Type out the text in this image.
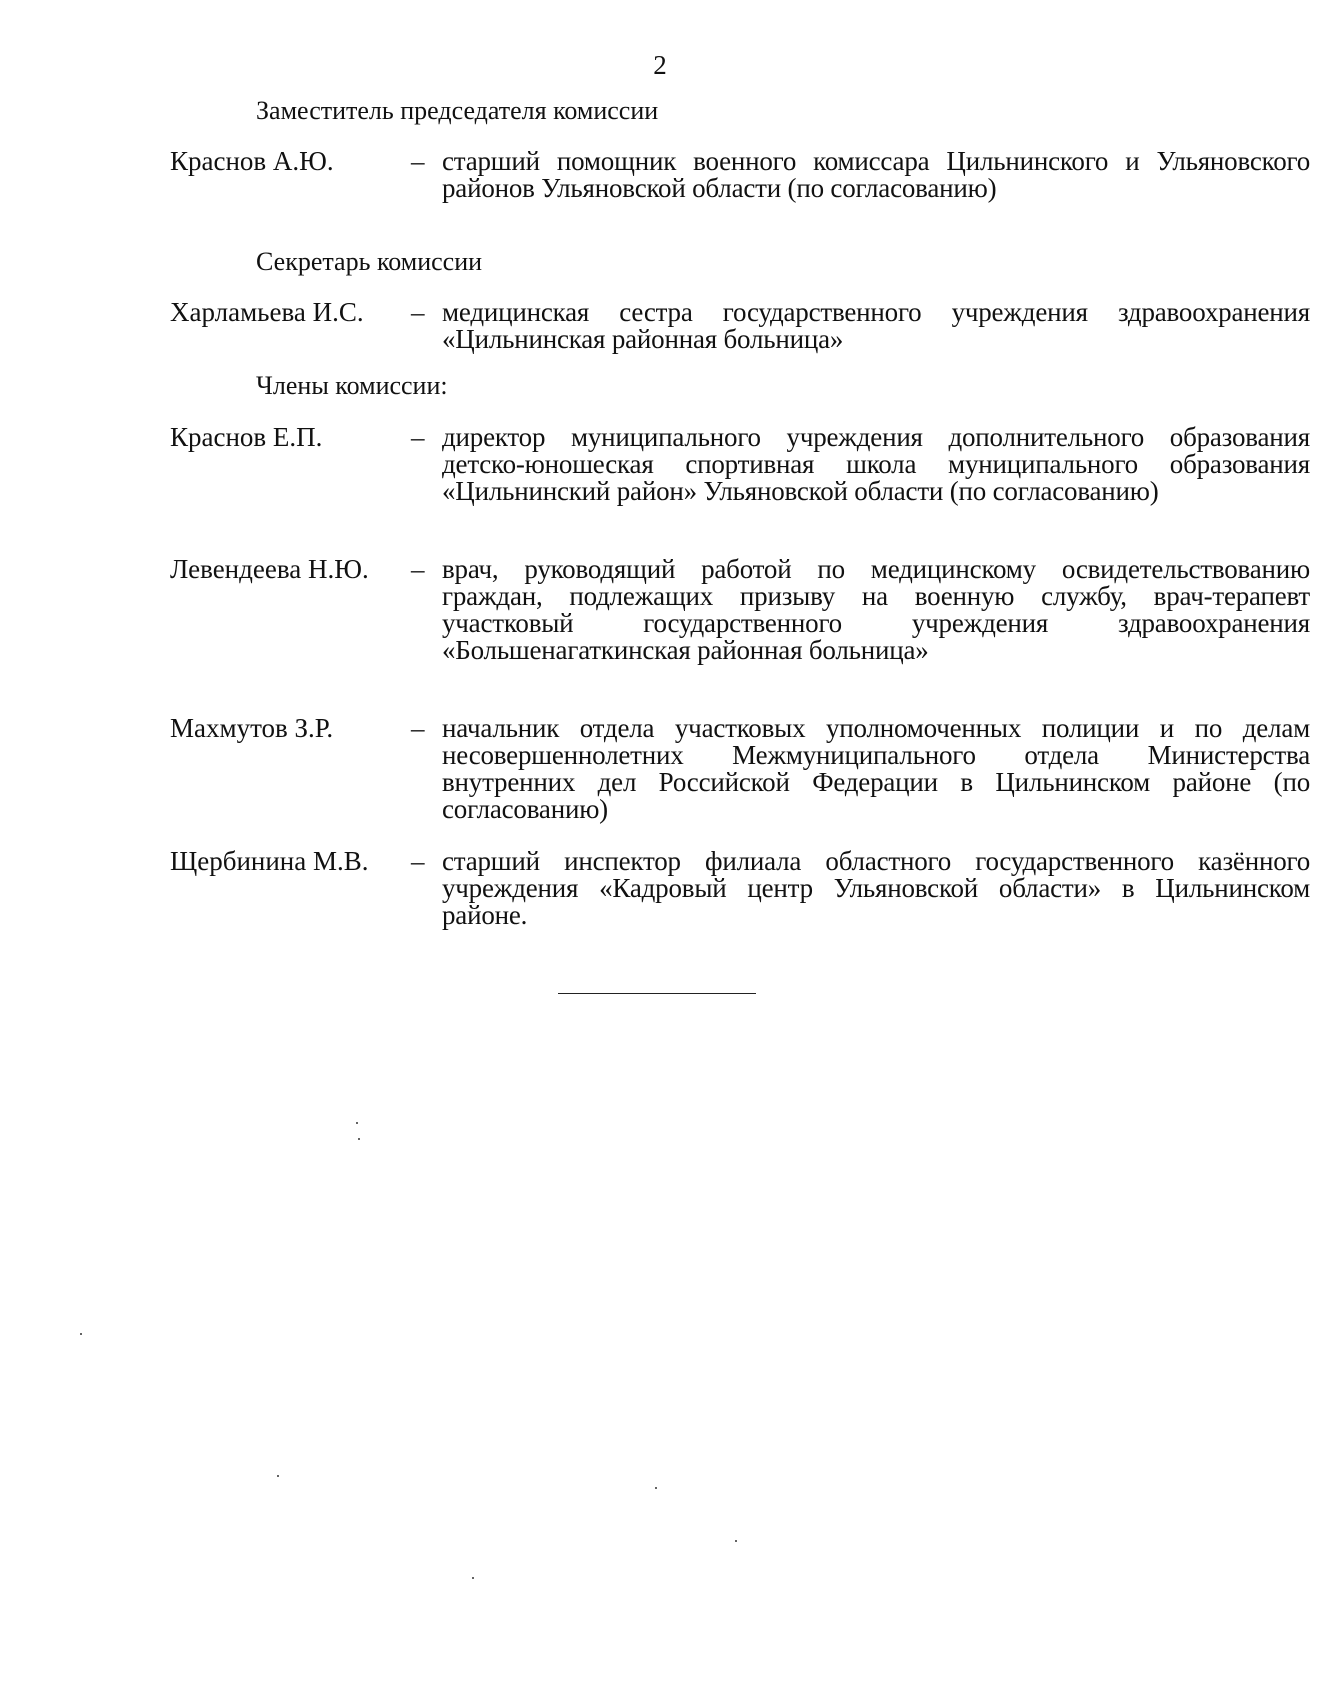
2
Заместитель председателя комиссии
Краснов А.Ю.	– старший помощник военного комиссара Цильнинского и Ульяновского районов Ульяновской области (по согласованию)
Секретарь комиссии
Харламьева И.С. – медицинская сестра государственного учреждения здравоохранения «Цильнинская районная больница»
Члены комиссии:
Краснов Е.П.	– директор муниципального учреждения дополнительного образования детско-юношеская спортивная школа муниципального образования «Цильнинский район» Ульяновской области (по согласованию)
Левендеева Н.Ю. – врач, руководящий работой по медицинскому освидетельствованию граждан, подлежащих призыву на военную службу, врач-терапевт участковый государственного учреждения здравоохранения «Большенагаткинская районная больница»
Махмутов З.Р.	– начальник отдела участковых уполномоченных полиции и по делам несовершеннолетних Межмуниципального отдела Министерства внутренних дел Российской Федерации в Цильнинском районе (по согласованию)
Щербинина М.В. – старший инспектор филиала областного государственного казённого учреждения «Кадровый центр Ульяновской области» в Цильнинском районе.
